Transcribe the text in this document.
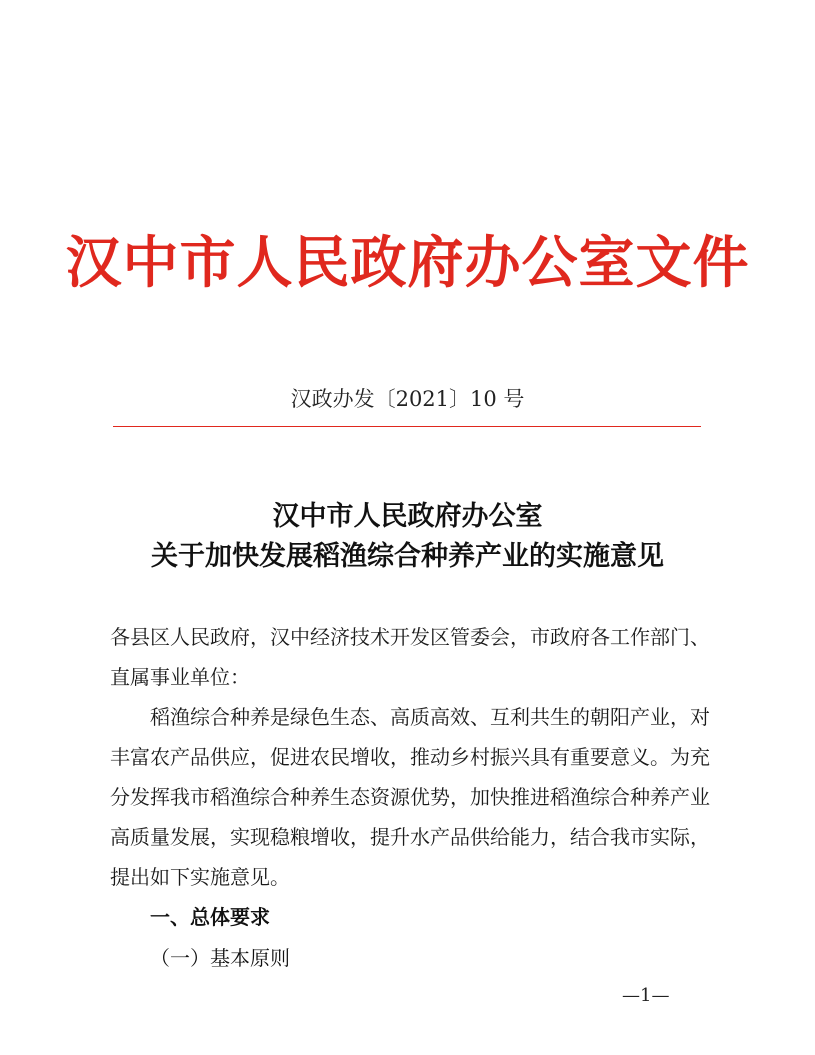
汉中市人民政府办公室文件
汉政办发〔2021〕10 号
汉中市人民政府办公室
关于加快发展稻渔综合种养产业的实施意见
各县区人民政府，汉中经济技术开发区管委会，市政府各工作部门、直属事业单位：
稻渔综合种养是绿色生态、高质高效、互利共生的朝阳产业，对丰富农产品供应，促进农民增收，推动乡村振兴具有重要意义。为充分发挥我市稻渔综合种养生态资源优势，加快推进稻渔综合种养产业高质量发展，实现稳粮增收，提升水产品供给能力，结合我市实际，提出如下实施意见。
一、总体要求
（一）基本原则
—1—
